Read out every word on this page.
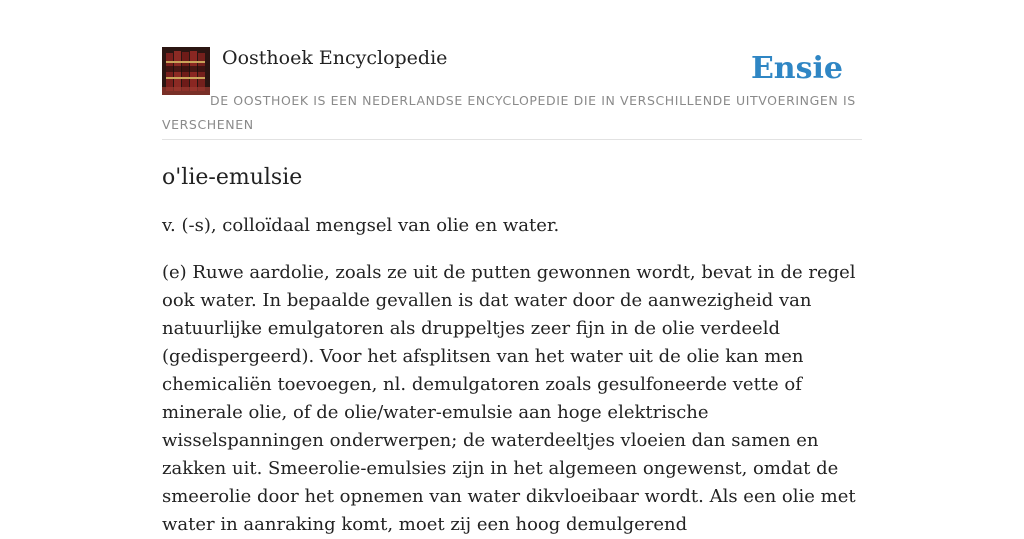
Oosthoek Encyclopedie	Ensie
DE OOSTHOEK IS EEN NEDERLANDSE ENCYCLOPEDIE DIE IN VERSCHILLENDE UITVOERINGEN IS VERSCHENEN
o'lie-emulsie

v. (-s), colloïdaal mengsel van olie en water.

(e) Ruwe aardolie, zoals ze uit de putten gewonnen wordt, bevat in de regel ook water. In bepaalde gevallen is dat water door de aanwezigheid van natuurlijke emulgatoren als druppeltjes zeer fijn in de olie verdeeld (gedispergeerd). Voor het afsplitsen van het water uit de olie kan men chemicaliën toevoegen, nl. demulgatoren zoals gesulfoneerde vette of minerale olie, of de olie/water-emulsie aan hoge elektrische wisselspanningen onderwerpen; de waterdeeltjes vloeien dan samen en zakken uit. Smeerolie-emulsies zijn in het algemeen ongewenst, omdat de smeerolie door het opnemen van water dikvloeibaar wordt. Als een olie met water in aanraking komt, moet zij een hoog demulgerend
